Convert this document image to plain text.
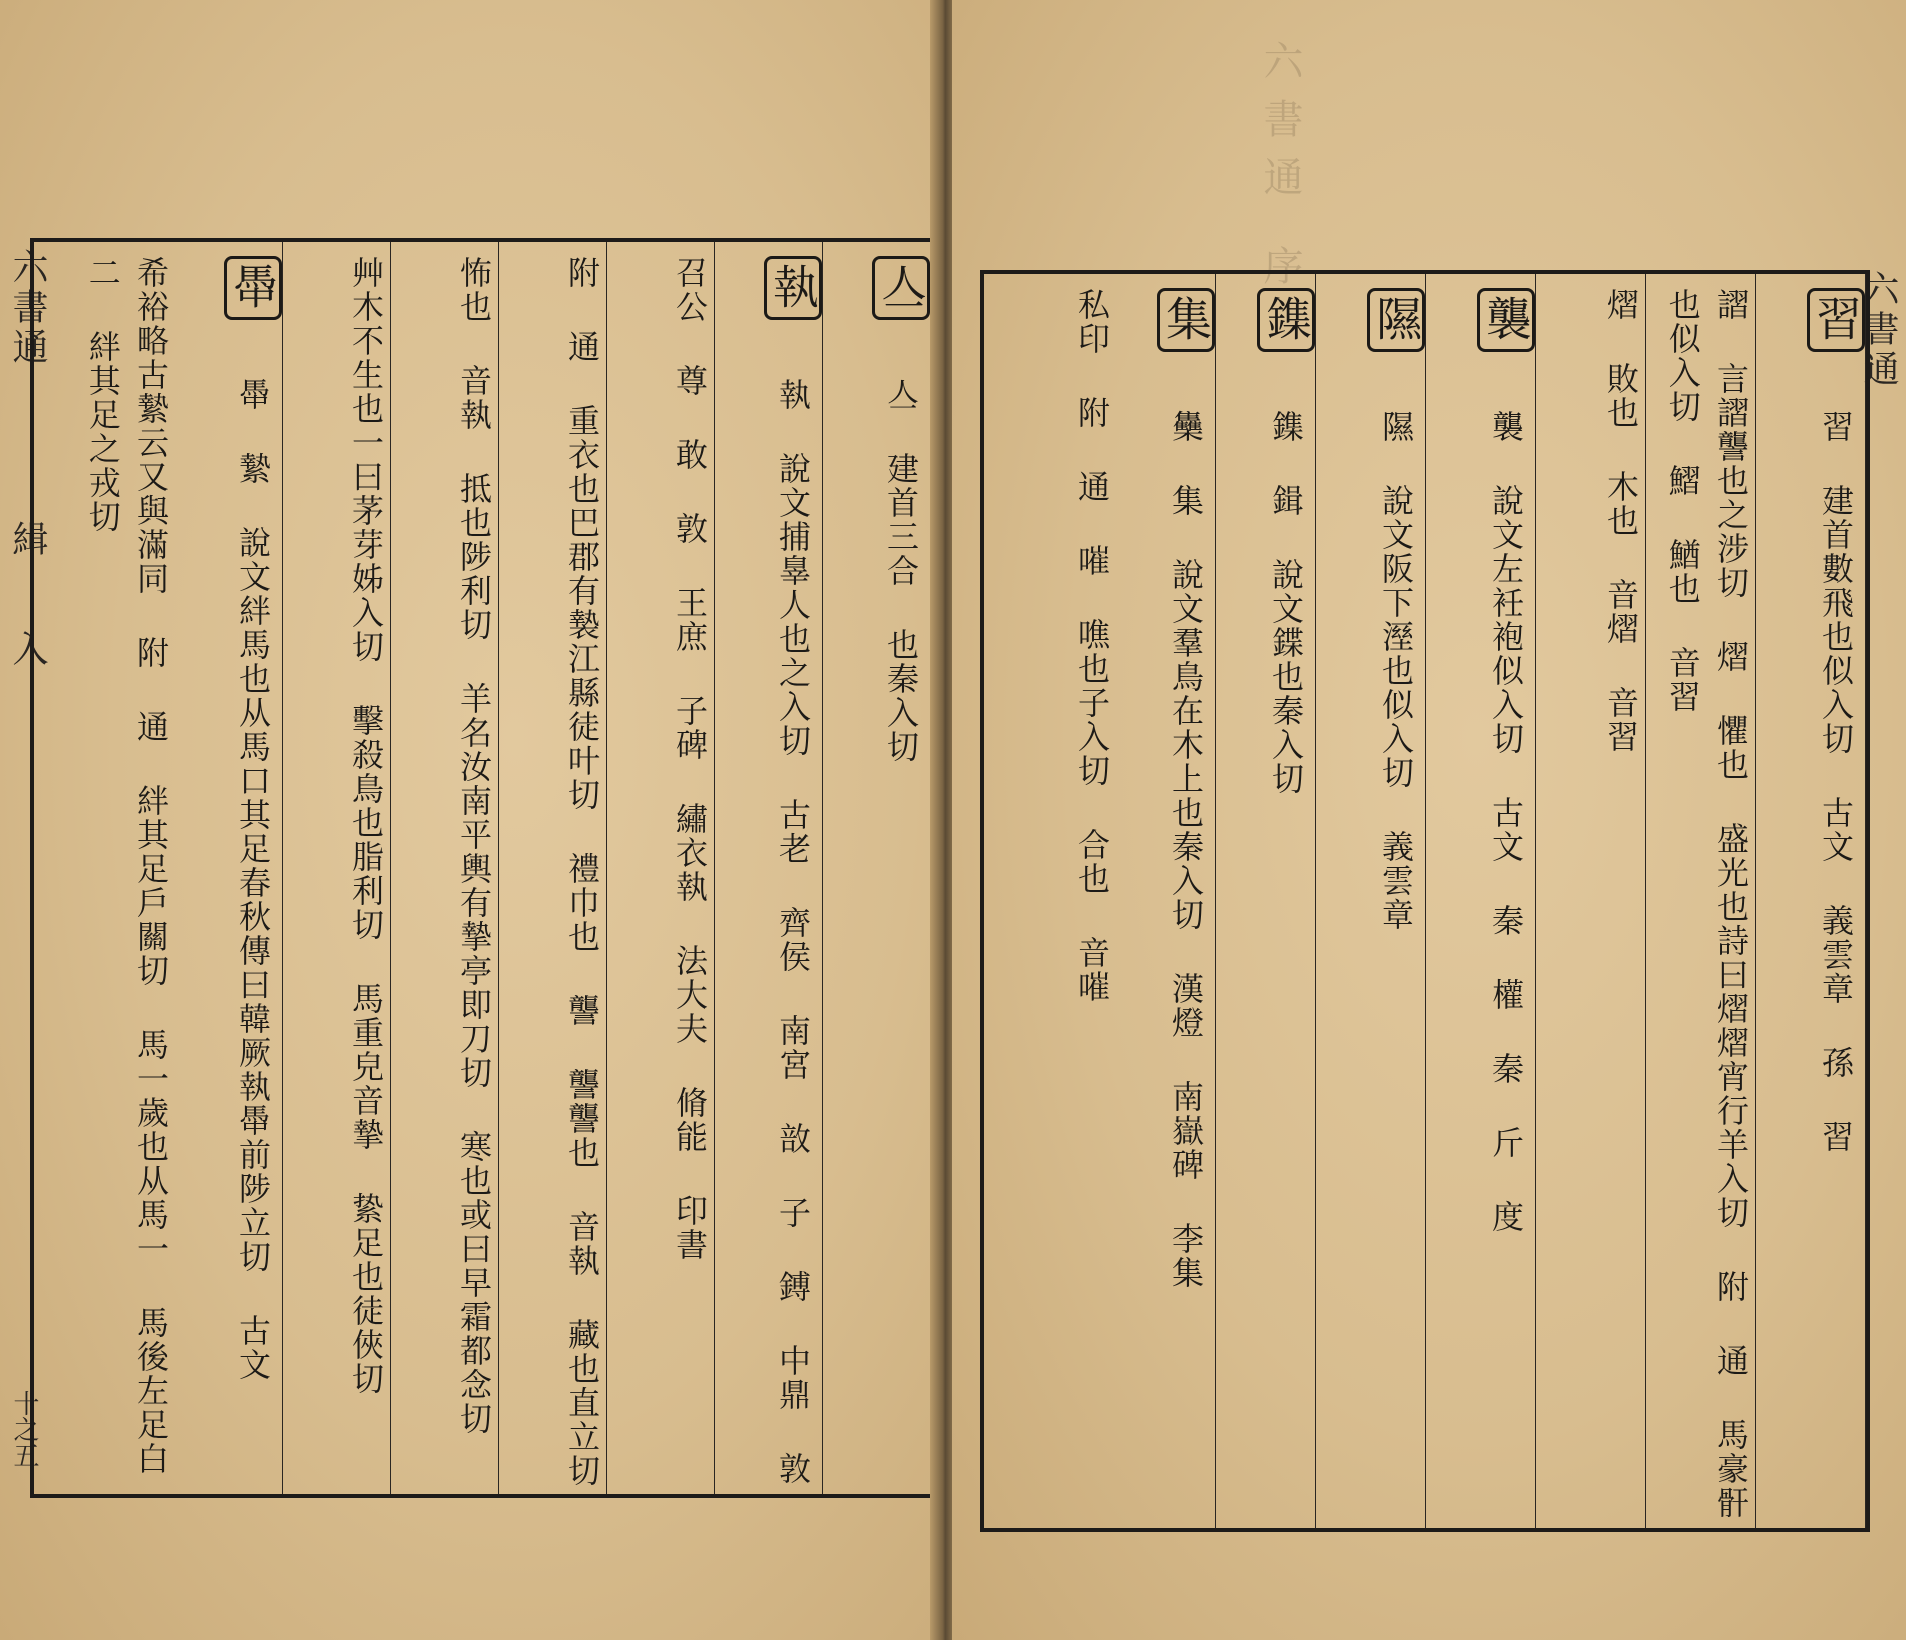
六書通
緝
入
十之五
亼 亼 建首三合 也秦入切
執 執 說文捕辠人也之入切 古老 齊侯 南宮 敨 子 鎛 中鼎 敦
召公 尊 敢 敦 王庶 子碑 繡衣執 法大夫 脩能 印書
附 通 重衣也巴郡有褺江縣徒叶切 禮巾也 讋 讋讋也 音執 藏也直立切
怖也 音執 抵也陟利切 羊名汝南平輿有摯亭即刀切 寒也或曰早霜都念切
艸木不生也一曰茅芽姊入切 擊殺鳥也脂利切 馬重皃音摯 絷足也徒俠切
馽 馽 縶 說文絆馬也从馬口其足春秋傳曰韓厥執馽前陟立切 古文
希裕略古縶云又與滿同 附 通 絆其足戶關切 馬一歲也从馬一 馬後左足白二 絆其足之戎切
六書通 序
六書通
習 習 建首數飛也似入切 古文 義雲章 孫 習
謵 言謵讋也之涉切 熠 懼也 盛光也詩曰熠熠宵行羊入切 附 通 馬豪骭也似入切 鰼 鰌也 音習
熠 敗也 木也 音熠 音習
襲 襲 說文左衽袍似入切 古文 秦 權 秦 斤 度
隰 隰 說文阪下溼也似入切 義雲章
鏶 鏶 鍓 說文鍱也秦入切
集 雧 集 說文羣鳥在木上也秦入切 漢燈 南嶽碑 李集
私印 附 通 嗺 噍也子入切 合也 音嗺
